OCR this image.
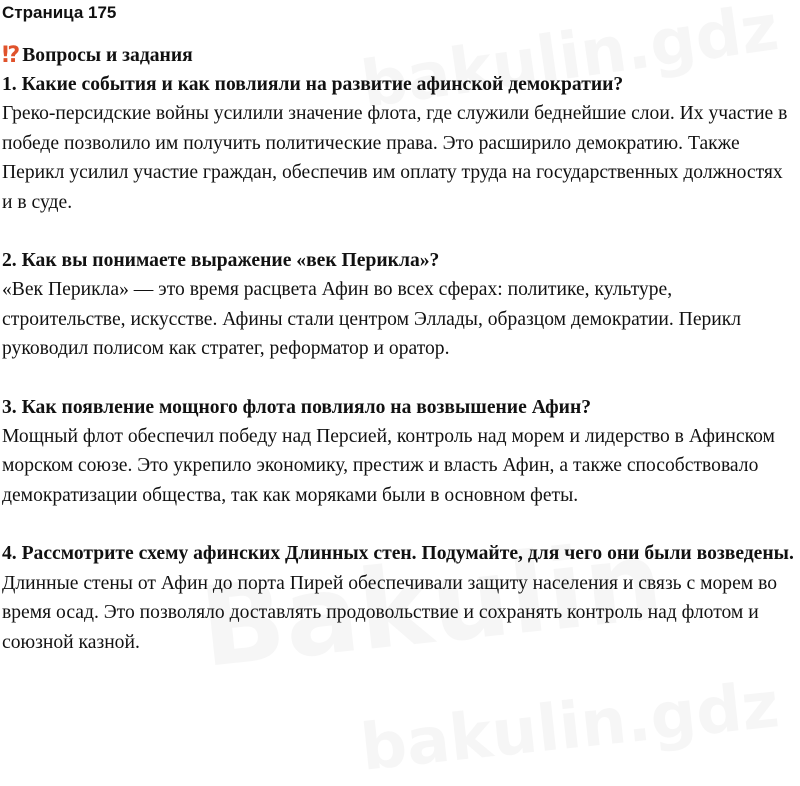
Страница 175
⁉ Вопросы и задания

1. Какие события и как повлияли на развитие афинской демократии?

Греко-персидские войны усилили значение флота, где служили беднейшие слои. Их участие в победе позволило им получить политические права. Это расширило демократию. Также Перикл усилил участие граждан, обеспечив им оплату труда на государственных должностях и в суде.

2. Как вы понимаете выражение «век Перикла»?

«Век Перикла» — это время расцвета Афин во всех сферах: политике, культуре, строительстве, искусстве. Афины стали центром Эллады, образцом демократии. Перикл руководил полисом как стратег, реформатор и оратор.

3. Как появление мощного флота повлияло на возвышение Афин?

Мощный флот обеспечил победу над Персией, контроль над морем и лидерство в Афинском морском союзе. Это укрепило экономику, престиж и власть Афин, а также способствовало демократизации общества, так как моряками были в основном феты.

4. Рассмотрите схему афинских Длинных стен. Подумайте, для чего они были возведены.

Длинные стены от Афин до порта Пирей обеспечивали защиту населения и связь с морем во время осад. Это позволяло доставлять продовольствие и сохранять контроль над флотом и союзной казной.
